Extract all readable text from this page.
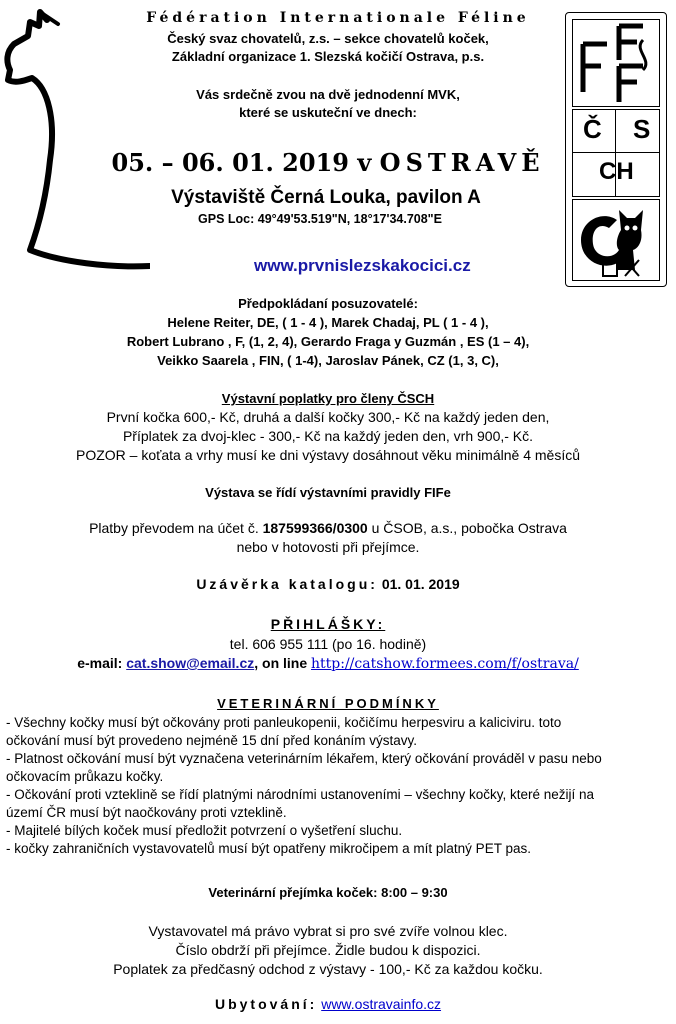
Fédération Internationale Féline
Český svaz chovatelů, z.s. – sekce chovatelů koček,
Základní organizace 1. Slezská kočičí Ostrava, p.s.
Vás srdečně zvou na dvě jednodenní MVK,
které se uskuteční ve dnech:
05. – 06. 01. 2019 v OSTRAVĚ
Výstaviště Černá Louka, pavilon A
GPS Loc: 49°49'53.519"N, 18°17'34.708"E
www.prvnislezskakocici.cz
Č S
CH
Předpokládaní posuzovatelé:
Helene Reiter, DE, ( 1 - 4 ), Marek Chadaj, PL ( 1 - 4 ),
Robert Lubrano , F, (1, 2, 4), Gerardo Fraga y Guzmán , ES (1 – 4),
Veikko Saarela , FIN, ( 1-4), Jaroslav Pánek, CZ (1, 3, C),
Výstavní poplatky pro členy ČSCH
První kočka 600,- Kč, druhá a další kočky 300,- Kč na každý jeden den,
Příplatek za dvoj-klec - 300,- Kč na každý jeden den, vrh 900,- Kč.
POZOR – koťata a vrhy musí ke dni výstavy dosáhnout věku minimálně 4 měsíců
Výstava se řídí výstavními pravidly FIFe
Platby převodem na účet č. 187599366/0300 u ČSOB, a.s., pobočka Ostrava
nebo v hotovosti při přejímce.
Uzávěrka katalogu: 01. 01. 2019
PŘIHLÁŠKY:
tel. 606 955 111 (po 16. hodině)
e-mail: cat.show@email.cz, on line http://catshow.formees.com/f/ostrava/
VETERINÁRNÍ PODMÍNKY
- Všechny kočky musí být očkovány proti panleukopenii, kočičímu herpesviru a kaliciviru. toto
očkování musí být provedeno nejméně 15 dní před konáním výstavy.
- Platnost očkování musí být vyznačena veterinárním lékařem, který očkování prováděl v pasu nebo
očkovacím průkazu kočky.
- Očkování proti vzteklině se řídí platnými národními ustanoveními – všechny kočky, které nežijí na
území ČR musí být naočkovány proti vzteklině.
- Majitelé bílých koček musí předložit potvrzení o vyšetření sluchu.
- kočky zahraničních vystavovatelů musí být opatřeny mikročipem a mít platný PET pas.
Veterinární přejímka koček: 8:00 – 9:30
Vystavovatel má právo vybrat si pro své zvíře volnou klec.
Číslo obdrží při přejímce. Židle budou k dispozici.
Poplatek za předčasný odchod z výstavy - 100,- Kč za každou kočku.
Ubytování: www.ostravainfo.cz
